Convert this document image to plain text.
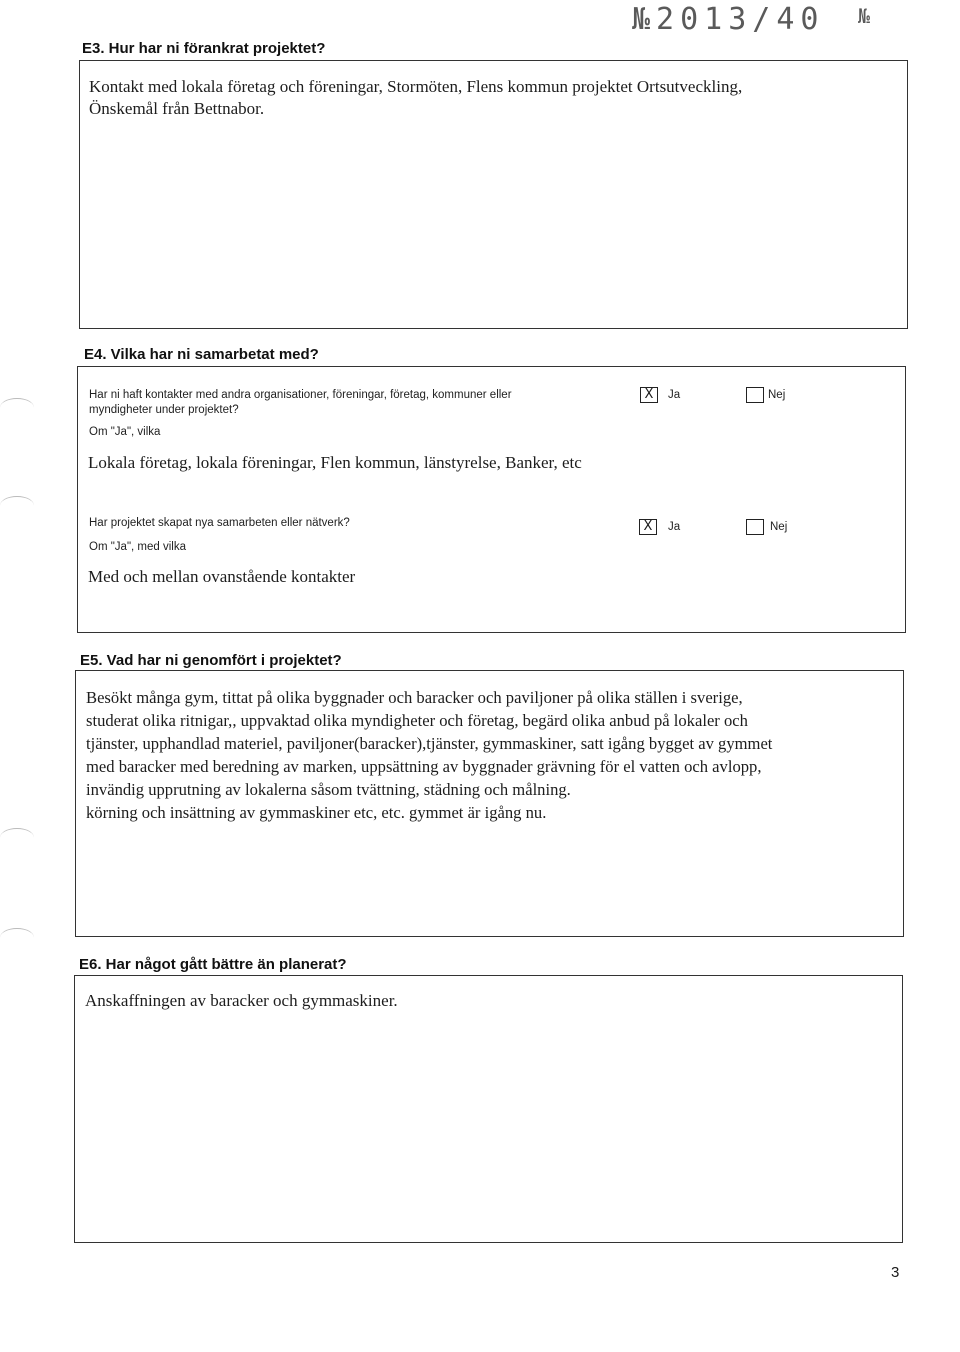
№2013/40 №
E3. Hur har ni förankrat projektet?
Kontakt med lokala företag och föreningar, Stormöten, Flens kommun projektet Ortsutveckling,
Önskemål från Bettnabor.
E4. Vilka har ni samarbetat med?
Har ni haft kontakter med andra organisationer, föreningar, företag, kommuner eller
myndigheter under projektet?
Om "Ja", vilka
X	Ja	Nej
Lokala företag, lokala föreningar, Flen kommun, länstyrelse, Banker, etc
Har projektet skapat nya samarbeten eller nätverk?
Om "Ja", med vilka
X	Ja	Nej
Med och mellan ovanstående kontakter
E5. Vad har ni genomfört i projektet?
Besökt många gym, tittat på olika byggnader och baracker och paviljoner på olika ställen i sverige,
studerat olika ritnigar,, uppvaktad olika myndigheter och företag, begärd olika anbud på lokaler och
tjänster, upphandlad materiel, paviljoner(baracker),tjänster, gymmaskiner, satt igång bygget av gymmet
med baracker med beredning av marken, uppsättning av byggnader grävning för el vatten och avlopp,
invändig upprutning av lokalerna såsom tvättning, städning och målning.
körning och insättning av gymmaskiner etc, etc. gymmet är igång nu.
E6. Har något gått bättre än planerat?
Anskaffningen av baracker och gymmaskiner.
3
